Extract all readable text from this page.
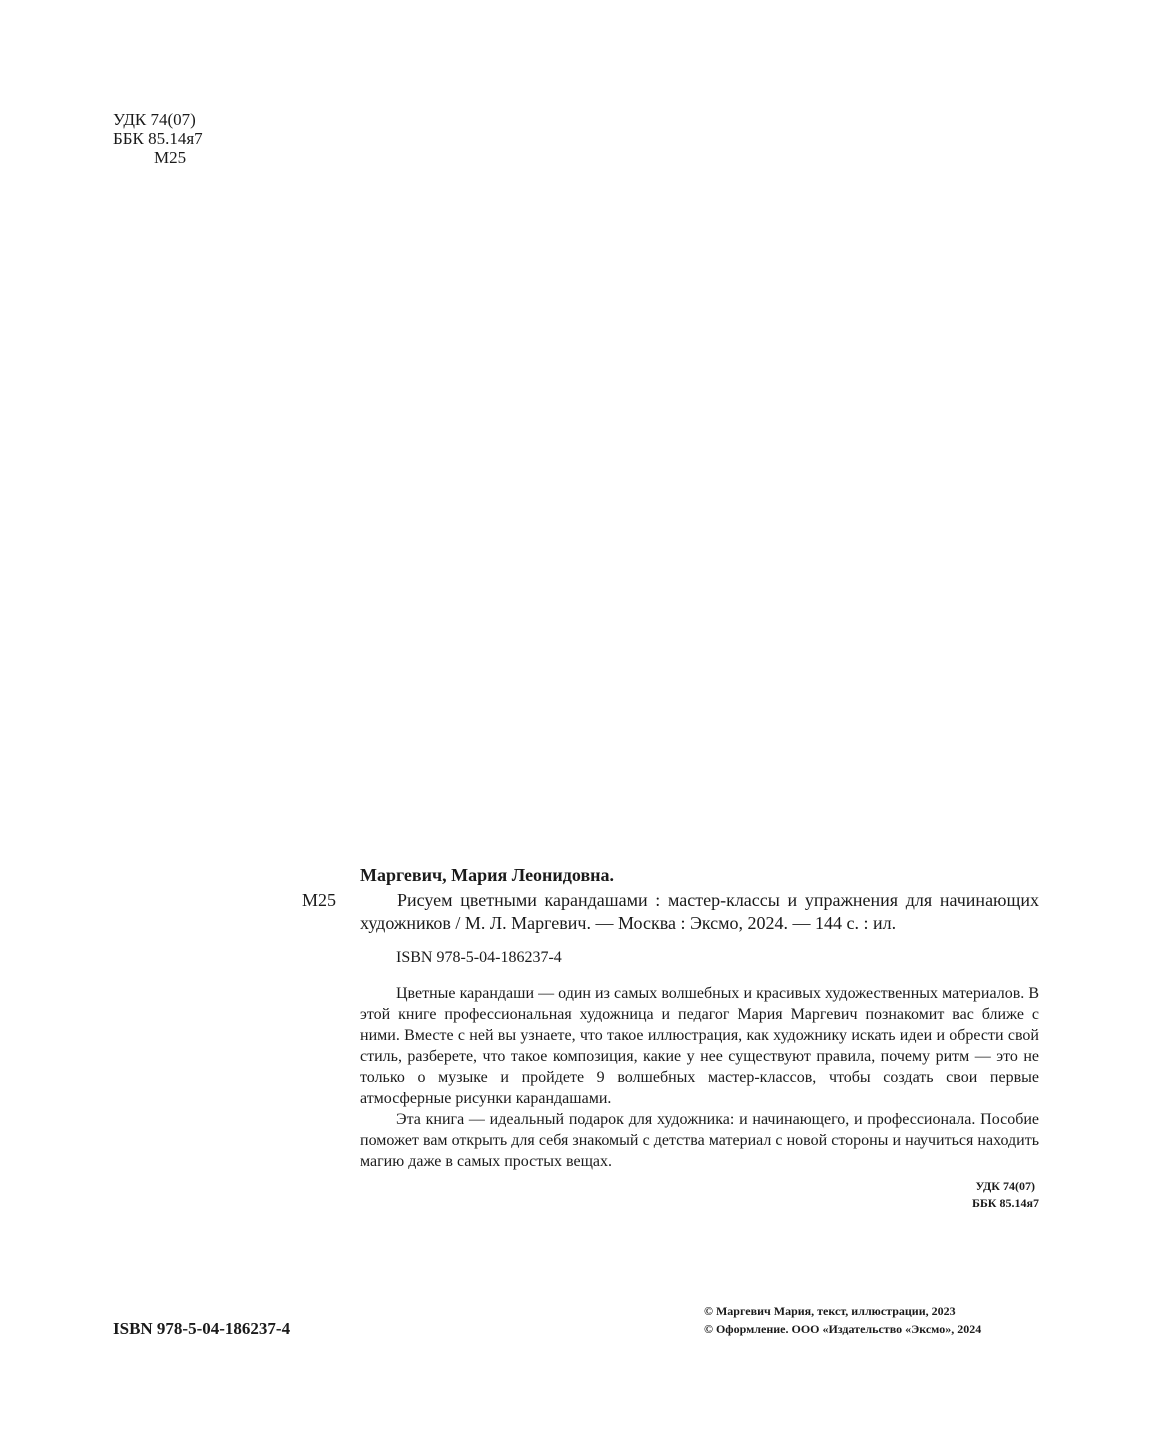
УДК 74(07)
ББК 85.14я7
М25
М25
Маргевич, Мария Леонидовна.
Рисуем цветными карандашами : мастер-классы и упражнения для начинающих художников / М. Л. Маргевич. — Москва : Эксмо, 2024. — 144 с. : ил.
ISBN 978-5-04-186237-4

Цветные карандаши — один из самых волшебных и красивых художественных материалов. В этой книге профессиональная художница и педагог Мария Маргевич познакомит вас ближе с ними. Вместе с ней вы узнаете, что такое иллюстрация, как художнику искать идеи и обрести свой стиль, разберете, что такое композиция, какие у нее существуют правила, почему ритм — это не только о музыке и пройдете 9 волшебных мастер-классов, чтобы создать свои первые атмосферные рисунки карандашами.

Эта книга — идеальный подарок для художника: и начинающего, и профессионала. Пособие поможет вам открыть для себя знакомый с детства материал с новой стороны и научиться находить магию даже в самых простых вещах.

УДК 74(07)
ББК 85.14я7
ISBN 978-5-04-186237-4
© Маргевич Мария, текст, иллюстрации, 2023
© Оформление. ООО «Издательство «Эксмо», 2024
